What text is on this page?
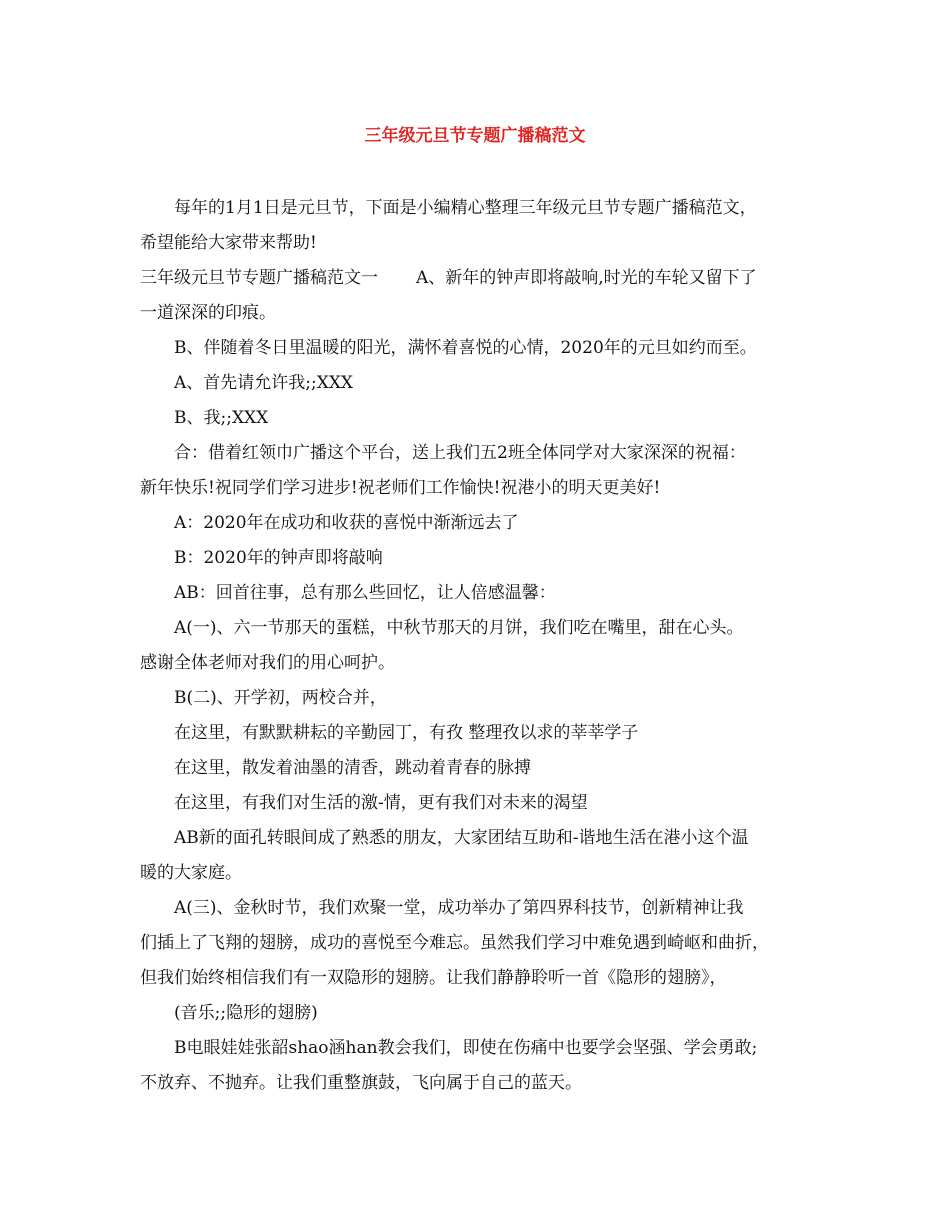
三年级元旦节专题广播稿范文

每年的1月1日是元旦节，下面是小编精心整理三年级元旦节专题广播稿范文，

希望能给大家带来帮助!

三年级元旦节专题广播稿范文一 A、新年的钟声即将敲响,时光的车轮又留下了

一道深深的印痕。

B、伴随着冬日里温暖的阳光，满怀着喜悦的心情，2020年的元旦如约而至。

A、首先请允许我;;XXX

B、我;;XXX

合：借着红领巾广播这个平台，送上我们五2班全体同学对大家深深的祝福：

新年快乐!祝同学们学习进步!祝老师们工作愉快!祝港小的明天更美好!

A：2020年在成功和收获的喜悦中渐渐远去了

B：2020年的钟声即将敲响

AB：回首往事，总有那么些回忆，让人倍感温馨：

A(一)、六一节那天的蛋糕，中秋节那天的月饼，我们吃在嘴里，甜在心头。

感谢全体老师对我们的用心呵护。

B(二)、开学初，两校合并，

在这里，有默默耕耘的辛勤园丁，有孜 整理孜以求的莘莘学子

在这里，散发着油墨的清香，跳动着青春的脉搏

在这里，有我们对生活的激-情，更有我们对未来的渴望

AB新的面孔转眼间成了熟悉的朋友，大家团结互助和-谐地生活在港小这个温

暖的大家庭。

A(三)、金秋时节，我们欢聚一堂，成功举办了第四界科技节，创新精神让我

们插上了飞翔的翅膀，成功的喜悦至今难忘。虽然我们学习中难免遇到崎岖和曲折，

但我们始终相信我们有一双隐形的翅膀。让我们静静聆听一首《隐形的翅膀》，

(音乐;;隐形的翅膀)

B电眼娃娃张韶shao涵han教会我们，即使在伤痛中也要学会坚强、学会勇敢;

不放弃、不抛弃。让我们重整旗鼓，飞向属于自己的蓝天。
